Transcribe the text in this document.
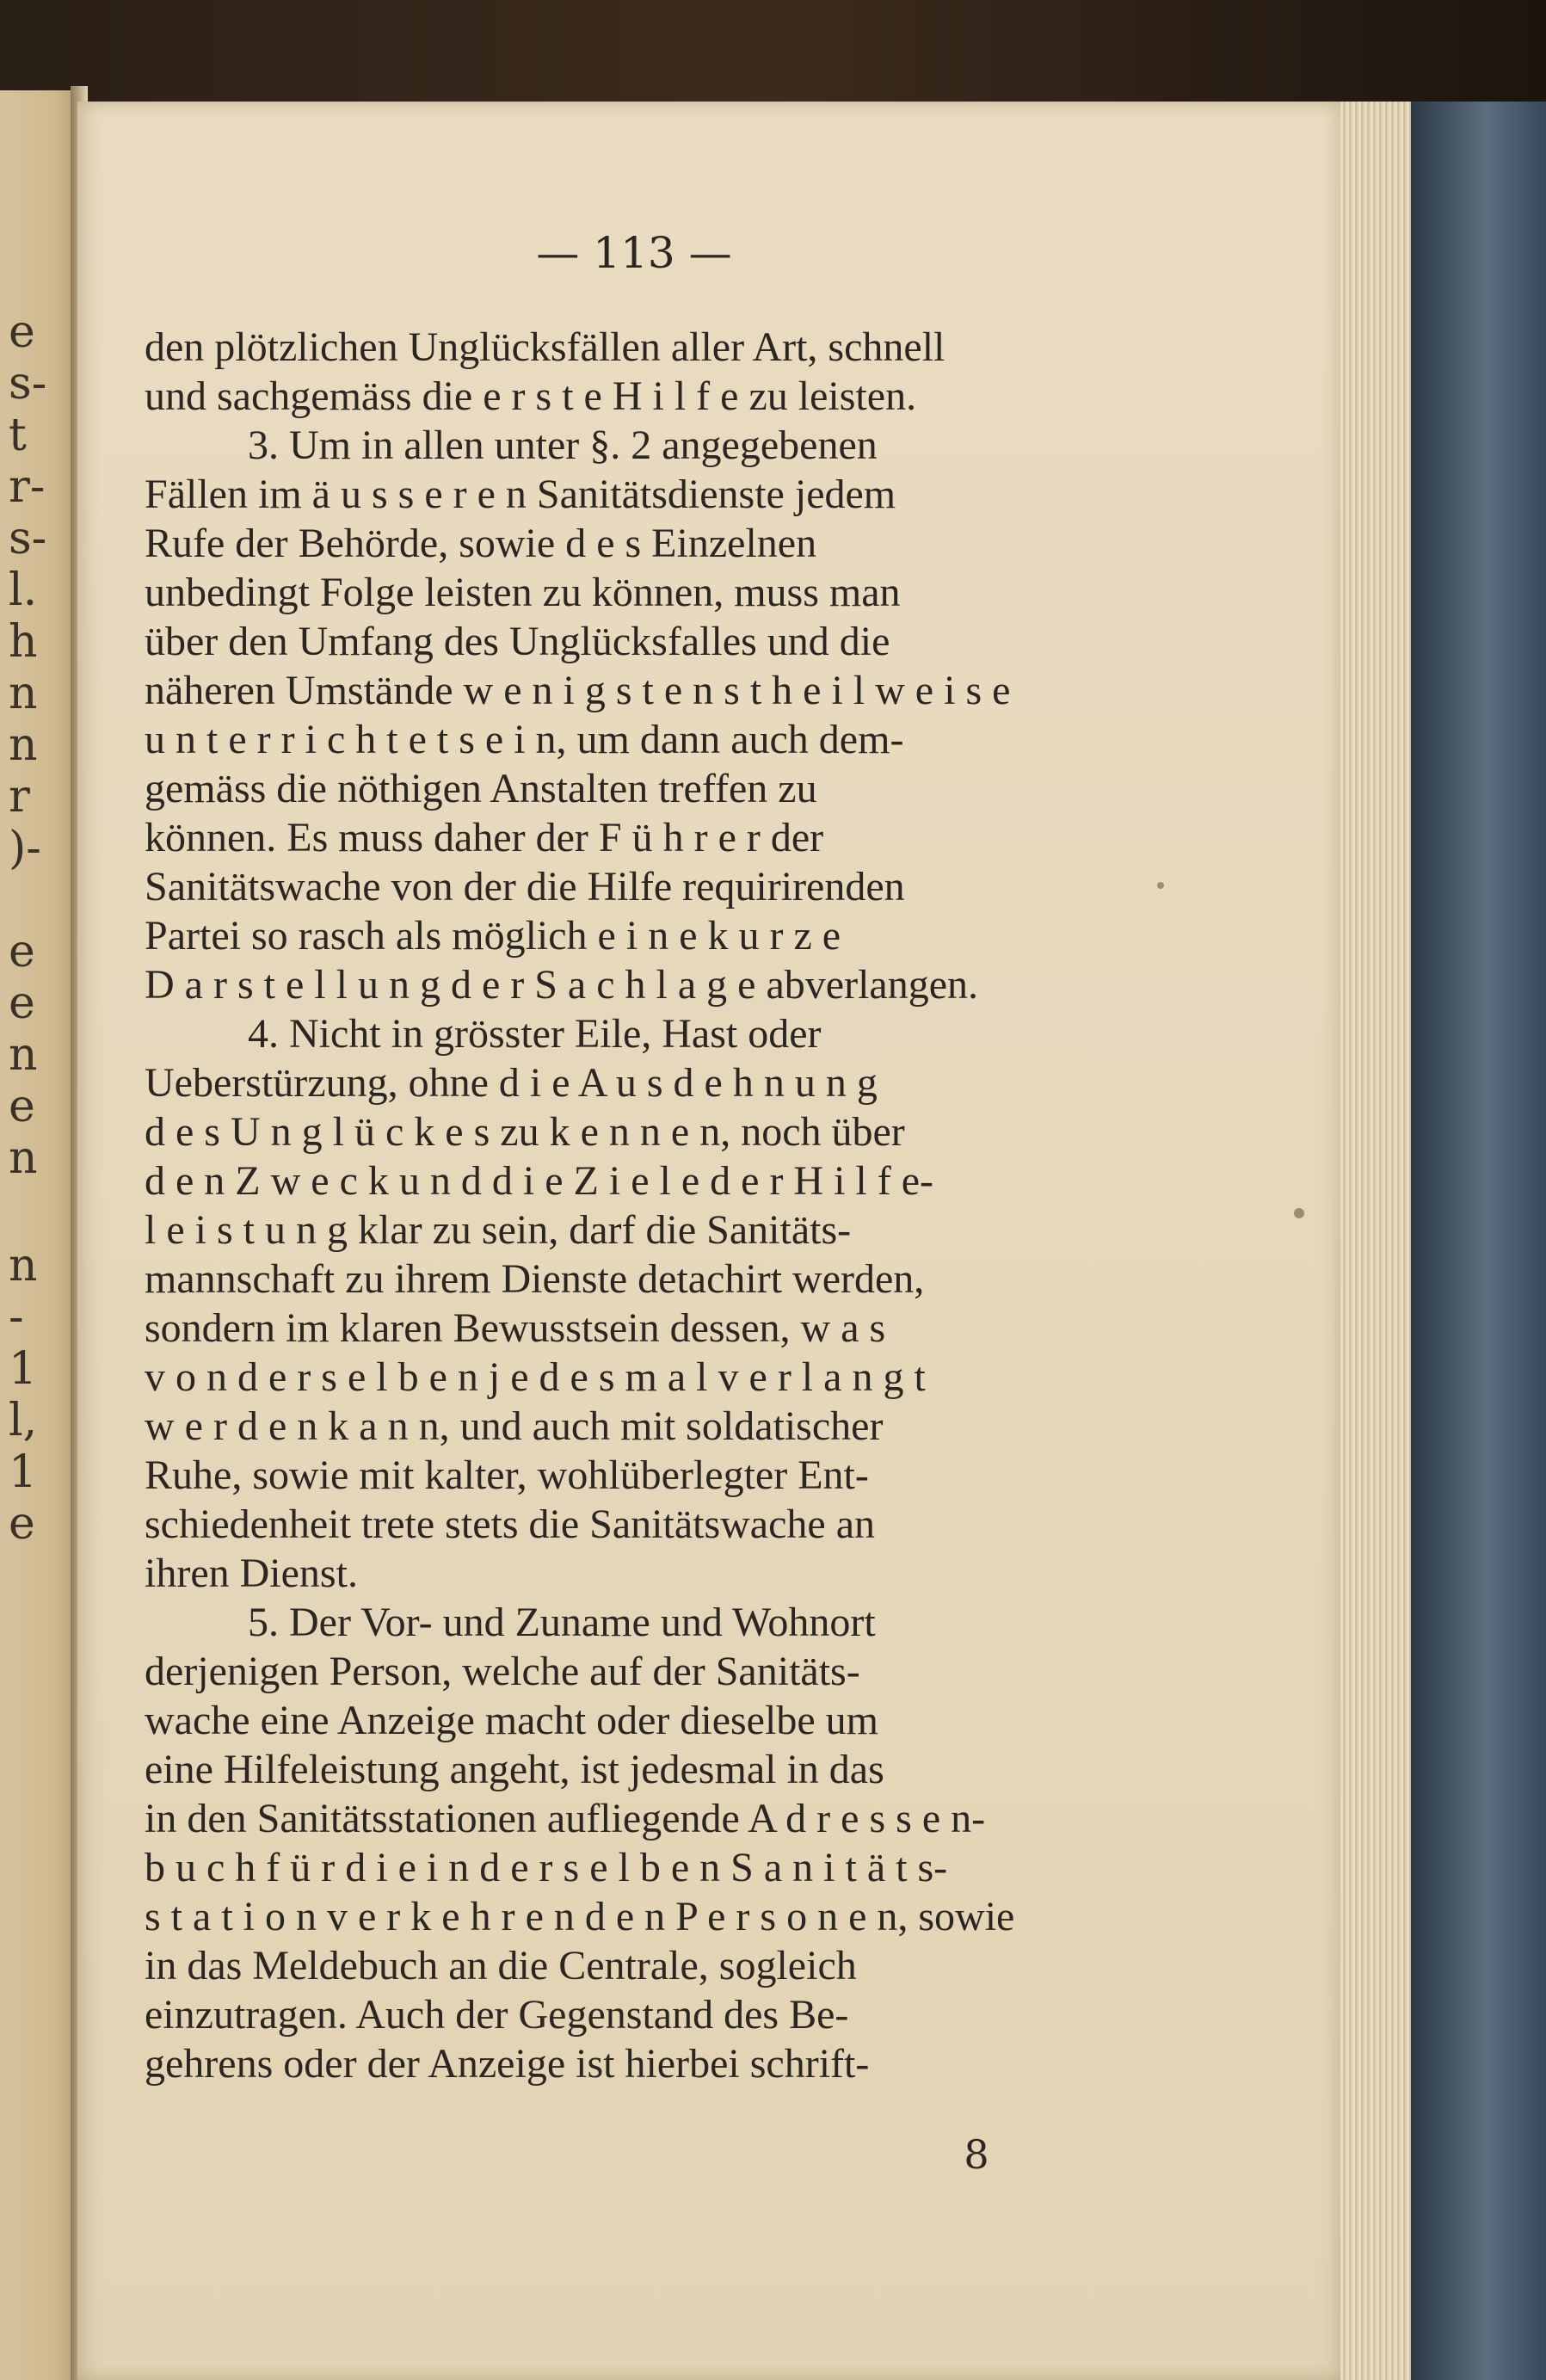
e
s-
t
r-
s-
l.
h
n
n
r
)-
e
e
n
e
n
n
-
1
l,
1
e
— 113 —
den plötzlichen Unglücksfällen aller Art, schnell
und sachgemäss die e r s t e H i l f e zu leisten.
3. Um in allen unter §. 2 angegebenen
Fällen im ä u s s e r e n Sanitätsdienste jedem
Rufe der Behörde, sowie d e s Einzelnen
unbedingt Folge leisten zu können, muss man
über den Umfang des Unglücksfalles und die
näheren Umstände w e n i g s t e n s t h e i l w e i s e
u n t e r r i c h t e t s e i n, um dann auch dem-
gemäss die nöthigen Anstalten treffen zu
können. Es muss daher der F ü h r e r der
Sanitätswache von der die Hilfe requirirenden
Partei so rasch als möglich e i n e k u r z e
D a r s t e l l u n g d e r S a c h l a g e abverlangen.
4. Nicht in grösster Eile, Hast oder
Ueberstürzung, ohne d i e A u s d e h n u n g
d e s U n g l ü c k e s zu k e n n e n, noch über
d e n Z w e c k u n d d i e Z i e l e d e r H i l f e-
l e i s t u n g klar zu sein, darf die Sanitäts-
mannschaft zu ihrem Dienste detachirt werden,
sondern im klaren Bewusstsein dessen, w a s
v o n d e r s e l b e n j e d e s m a l v e r l a n g t
w e r d e n k a n n, und auch mit soldatischer
Ruhe, sowie mit kalter, wohlüberlegter Ent-
schiedenheit trete stets die Sanitätswache an
ihren Dienst.
5. Der Vor- und Zuname und Wohnort
derjenigen Person, welche auf der Sanitäts-
wache eine Anzeige macht oder dieselbe um
eine Hilfeleistung angeht, ist jedesmal in das
in den Sanitätsstationen aufliegende A d r e s s e n-
b u c h f ü r d i e i n d e r s e l b e n S a n i t ä t s-
s t a t i o n v e r k e h r e n d e n P e r s o n e n, sowie
in das Meldebuch an die Centrale, sogleich
einzutragen. Auch der Gegenstand des Be-
gehrens oder der Anzeige ist hierbei schrift-
8
